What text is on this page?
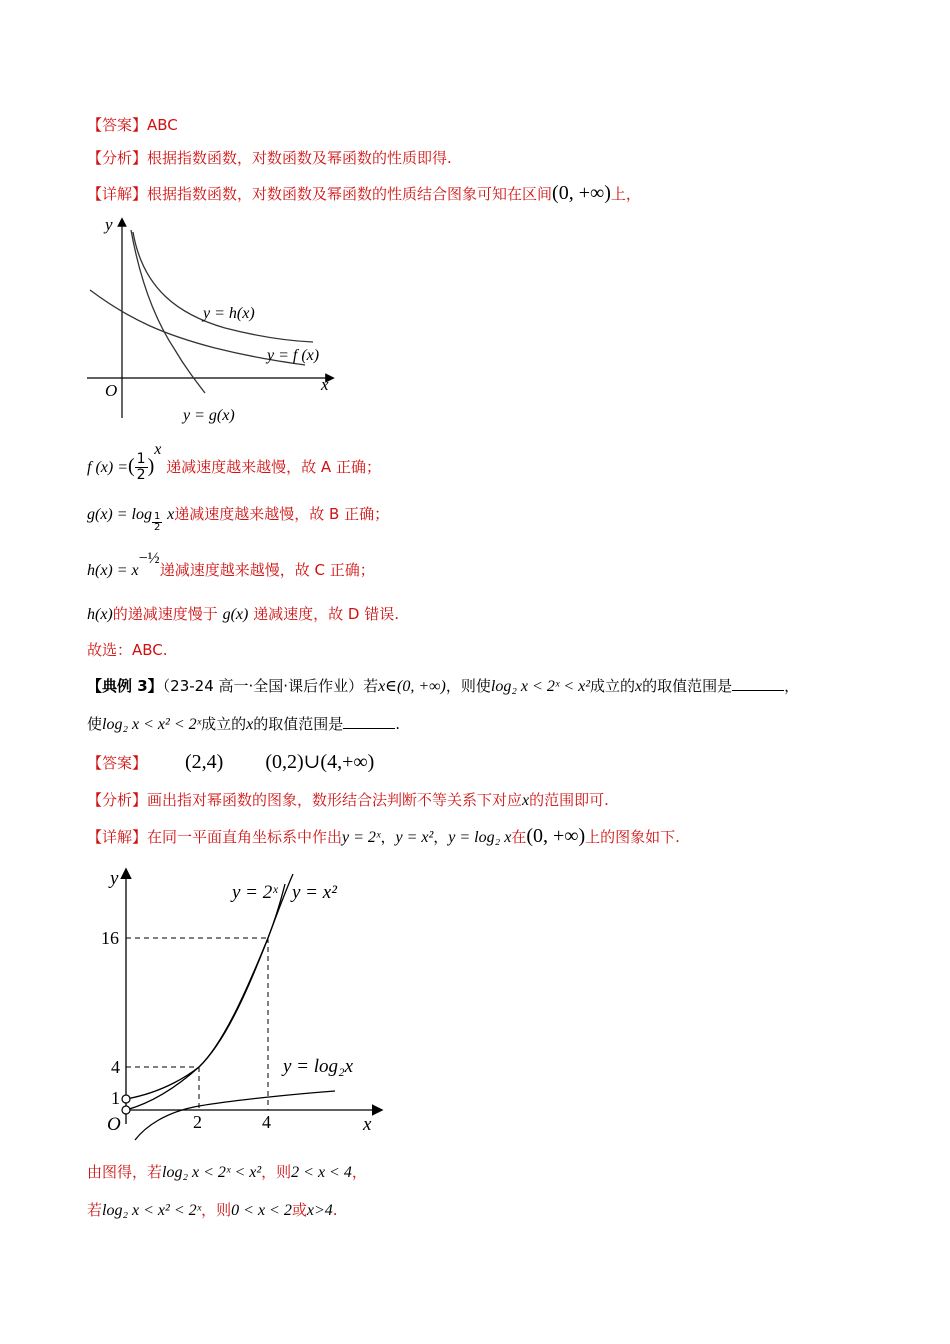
【答案】ABC
【分析】根据指数函数，对数函数及幂函数的性质即得.
【详解】根据指数函数，对数函数及幂函数的性质结合图象可知在区间(0, +∞)上，
y
x
O
y = h(x)
y = f (x)
y = g(x)
f (x) =( $\frac{1}{2} )^x$ 递减速度越来越慢，故 A 正确；
$g(x) = \log \frac{1}{2}$ x递减速度越来越慢，故 B 正确；
$h(x) = x^{-\frac{1}{2}}$递减速度越来越慢，故 C 正确；
h(x)的递减速度慢于 g(x) 递减速度，故 D 错误.
故选：ABC.
【典例 3】（23-24 高一·全国·课后作业）若x∈(0, +∞)，则使log₂ x < 2ˣ < x²成立的x的取值范围是	，
使log₂ x < x² < 2ˣ成立的x的取值范围是	.
【答案】 (2,4) (0,2)∪(4,+∞)
【分析】画出指对幂函数的图象，数形结合法判断不等关系下对应x的范围即可.
【详解】在同一平面直角坐标系中作出y = 2ˣ，y = x²，y = log₂ x在(0, +∞)上的图象如下.
y
x
O
16
4
1
2	4
y = 2ˣ y = x²
y = log₂x
由图得，若log₂ x < 2ˣ < x²，则2 < x < 4，
若log₂ x < x² < 2ˣ，则0 < x < 2或x>4.
